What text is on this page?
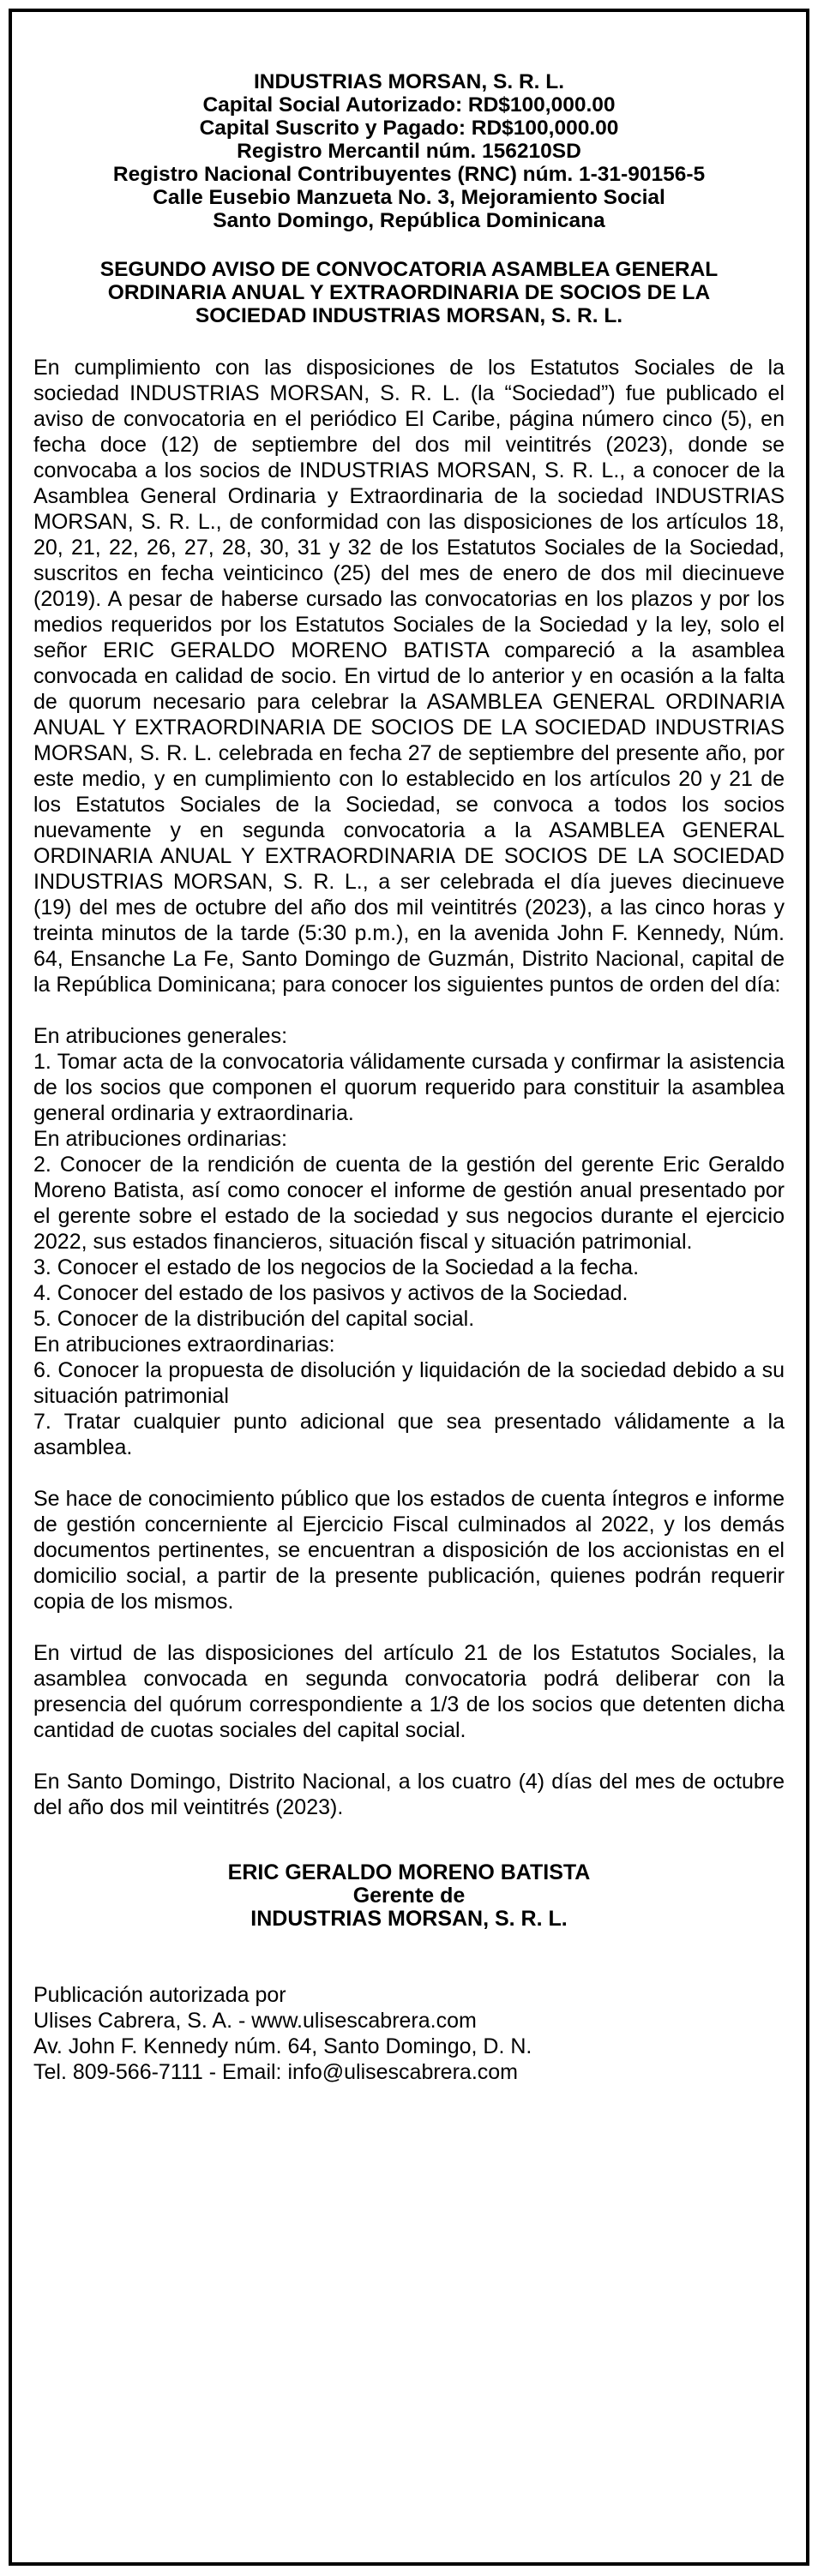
INDUSTRIAS MORSAN, S. R. L.
Capital Social Autorizado: RD$100,000.00
Capital Suscrito y Pagado: RD$100,000.00
Registro Mercantil núm. 156210SD
Registro Nacional Contribuyentes (RNC) núm. 1-31-90156-5
Calle Eusebio Manzueta No. 3, Mejoramiento Social
Santo Domingo, República Dominicana
SEGUNDO AVISO DE CONVOCATORIA ASAMBLEA GENERAL
ORDINARIA ANUAL Y EXTRAORDINARIA DE SOCIOS DE LA
SOCIEDAD INDUSTRIAS MORSAN, S. R. L.

En cumplimiento con las disposiciones de los Estatutos Sociales de la sociedad INDUSTRIAS MORSAN, S. R. L. (la “Sociedad”) fue publicado el aviso de convocatoria en el periódico El Caribe, página número cinco (5), en fecha doce (12) de septiembre del dos mil veintitrés (2023), donde se convocaba a los socios de INDUSTRIAS MORSAN, S. R. L., a conocer de la Asamblea General Ordinaria y Extraordinaria de la sociedad INDUSTRIAS MORSAN, S. R. L., de conformidad con las disposiciones de los artículos 18, 20, 21, 22, 26, 27, 28, 30, 31 y 32 de los Estatutos Sociales de la Sociedad, suscritos en fecha veinticinco (25) del mes de enero de dos mil diecinueve (2019). A pesar de haberse cursado las convocatorias en los plazos y por los medios requeridos por los Estatutos Sociales de la Sociedad y la ley, solo el señor ERIC GERALDO MORENO BATISTA compareció a la asamblea convocada en calidad de socio. En virtud de lo anterior y en ocasión a la falta de quorum necesario para celebrar la ASAMBLEA GENERAL ORDINARIA ANUAL Y EXTRAORDINARIA DE SOCIOS DE LA SOCIEDAD INDUSTRIAS MORSAN, S. R. L. celebrada en fecha 27 de septiembre del presente año, por este medio, y en cumplimiento con lo establecido en los artículos 20 y 21 de los Estatutos Sociales de la Sociedad, se convoca a todos los socios nuevamente y en segunda convocatoria a la ASAMBLEA GENERAL ORDINARIA ANUAL Y EXTRAORDINARIA DE SOCIOS DE LA SOCIEDAD INDUSTRIAS MORSAN, S. R. L., a ser celebrada el día jueves diecinueve (19) del mes de octubre del año dos mil veintitrés (2023), a las cinco horas y treinta minutos de la tarde (5:30 p.m.), en la avenida John F. Kennedy, Núm. 64, Ensanche La Fe, Santo Domingo de Guzmán, Distrito Nacional, capital de la República Dominicana; para conocer los siguientes puntos de orden del día:

En atribuciones generales:

1. Tomar acta de la convocatoria válidamente cursada y confirmar la asistencia de los socios que componen el quorum requerido para constituir la asamblea general ordinaria y extraordinaria.

En atribuciones ordinarias:

2. Conocer de la rendición de cuenta de la gestión del gerente Eric Geraldo Moreno Batista, así como conocer el informe de gestión anual presentado por el gerente sobre el estado de la sociedad y sus negocios durante el ejercicio 2022, sus estados financieros, situación fiscal y situación patrimonial.

3. Conocer el estado de los negocios de la Sociedad a la fecha.

4. Conocer del estado de los pasivos y activos de la Sociedad.

5. Conocer de la distribución del capital social.

En atribuciones extraordinarias:

6. Conocer la propuesta de disolución y liquidación de la sociedad debido a su situación patrimonial

7. Tratar cualquier punto adicional que sea presentado válidamente a la asamblea.

Se hace de conocimiento público que los estados de cuenta íntegros e informe de gestión concerniente al Ejercicio Fiscal culminados al 2022, y los demás documentos pertinentes, se encuentran a disposición de los accionistas en el domicilio social, a partir de la presente publicación, quienes podrán requerir copia de los mismos.

En virtud de las disposiciones del artículo 21 de los Estatutos Sociales, la asamblea convocada en segunda convocatoria podrá deliberar con la presencia del quórum correspondiente a 1/3 de los socios que detenten dicha cantidad de cuotas sociales del capital social.

En Santo Domingo, Distrito Nacional, a los cuatro (4) días del mes de octubre del año dos mil veintitrés (2023).

ERIC GERALDO MORENO BATISTA
Gerente de
INDUSTRIAS MORSAN, S. R. L.

Publicación autorizada por

Ulises Cabrera, S. A. - www.ulisescabrera.com

Av. John F. Kennedy núm. 64, Santo Domingo, D. N.

Tel. 809-566-7111 - Email: info@ulisescabrera.com
